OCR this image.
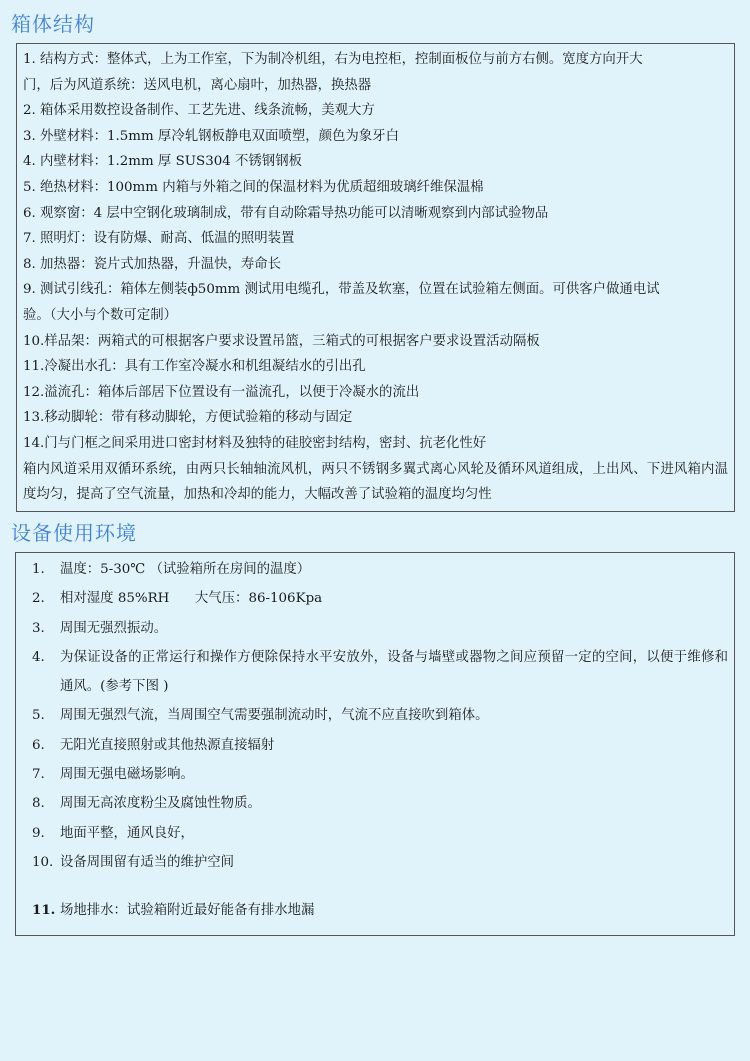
箱体结构
1. 结构方式：整体式，上为工作室，下为制冷机组，右为电控柜，控制面板位与前方右侧。宽度方向开大
门，后为风道系统：送风电机，离心扇叶，加热器，换热器
2. 箱体采用数控设备制作、工艺先进、线条流畅，美观大方
3. 外壁材料：1.5mm 厚冷轧钢板静电双面喷塑，颜色为象牙白
4. 内壁材料：1.2mm 厚 SUS304 不锈钢钢板
5. 绝热材料：100mm 内箱与外箱之间的保温材料为优质超细玻璃纤维保温棉
6. 观察窗：4 层中空钢化玻璃制成，带有自动除霜导热功能可以清晰观察到内部试验物品
7. 照明灯：设有防爆、耐高、低温的照明装置
8. 加热器：瓷片式加热器，升温快，寿命长
9. 测试引线孔：箱体左侧装ф50mm 测试用电缆孔，带盖及软塞，位置在试验箱左侧面。可供客户做通电试
验。（大小与个数可定制）
10.样品架：两箱式的可根据客户要求设置吊篮，三箱式的可根据客户要求设置活动隔板
11.冷凝出水孔：具有工作室冷凝水和机组凝结水的引出孔
12.溢流孔：箱体后部居下位置设有一溢流孔，以便于冷凝水的流出
13.移动脚轮：带有移动脚轮，方便试验箱的移动与固定
14.门与门框之间采用进口密封材料及独特的硅胶密封结构，密封、抗老化性好
箱内风道采用双循环系统，由两只长轴轴流风机，两只不锈钢多翼式离心风轮及循环风道组成，上出风、下进风箱内温度均匀，提高了空气流量，加热和冷却的能力，大幅改善了试验箱的温度均匀性
设备使用环境
1.	温度：5-30℃ （试验箱所在房间的温度）
2.	相对湿度 85%RH      大气压：86-106Kpa
3.	周围无强烈振动。
4.	为保证设备的正常运行和操作方便除保持水平安放外，设备与墙壁或器物之间应预留一定的空间，以便于维修和通风。(参考下图 )
5.	周围无强烈气流，当周围空气需要强制流动时，气流不应直接吹到箱体。
6.	无阳光直接照射或其他热源直接辐射
7.	周围无强电磁场影响。
8.	周围无高浓度粉尘及腐蚀性物质。
9.	地面平整，通风良好，
10. 设备周围留有适当的维护空间
11. 场地排水：试验箱附近最好能备有排水地漏
